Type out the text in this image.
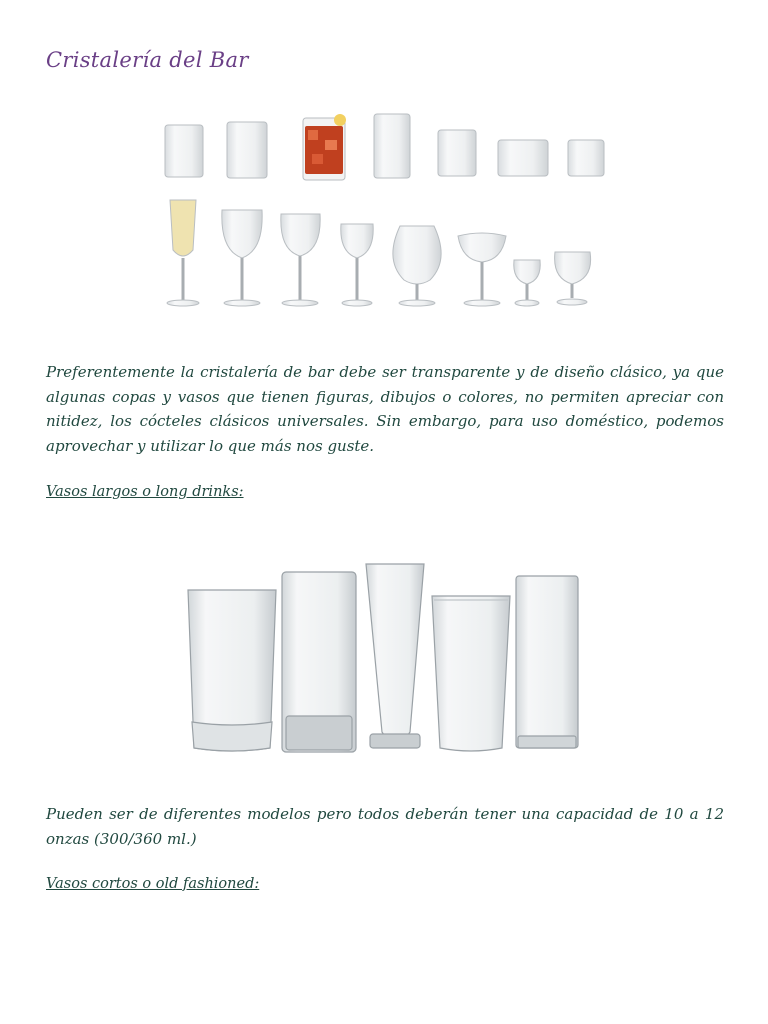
Cristalería del Bar

Preferentemente la cristalería de bar debe ser transparente y de diseño clásico, ya que algunas copas y vasos que tienen figuras, dibujos o colores, no permiten apreciar con nitidez, los cócteles clásicos universales. Sin embargo, para uso doméstico, podemos aprovechar y utilizar lo que más nos guste.

Vasos largos o long drinks:

Pueden ser de diferentes modelos pero todos deberán tener una capacidad de 10 a 12 onzas (300/360 ml.)

Vasos cortos o old fashioned:
